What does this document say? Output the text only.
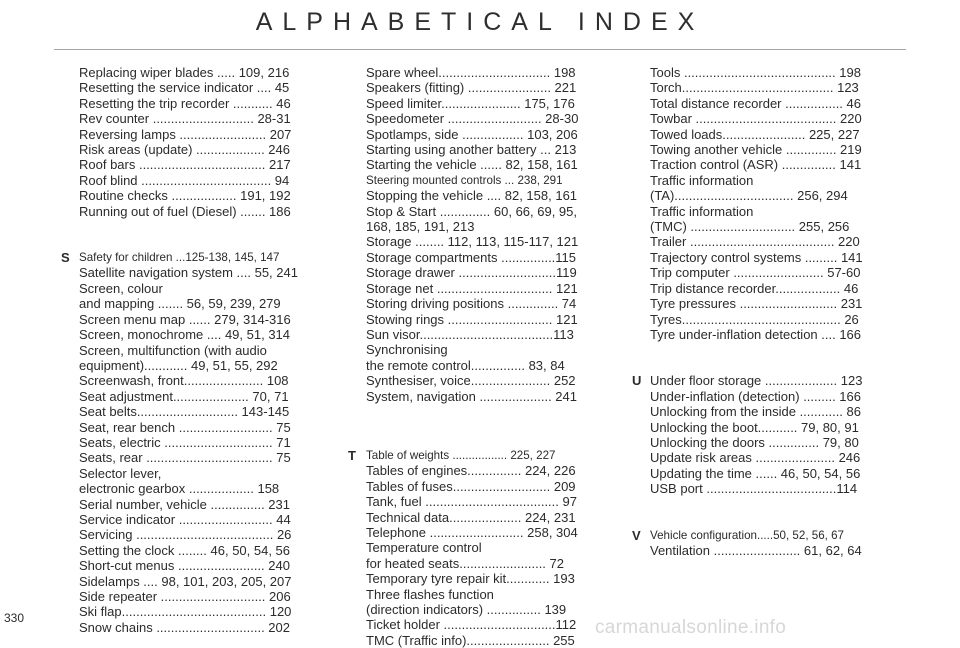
ALPHABETICAL INDEX
Replacing wiper blades ..... 109, 216
Resetting the service indicator .... 45
Resetting the trip recorder ........... 46
Rev counter ............................ 28-31
Reversing lamps ........................ 207
Risk areas (update) ................... 246
Roof bars ................................... 217
Roof blind .................................... 94
Routine checks .................. 191, 192
Running out of fuel (Diesel) ....... 186
S Safety for children ...125-138, 145, 147
Satellite navigation system .... 55, 241
Screen, colour
and mapping ....... 56, 59, 239, 279
Screen menu map ...... 279, 314-316
Screen, monochrome .... 49, 51, 314
Screen, multifunction (with audio
equipment)............ 49, 51, 55, 292
Screenwash, front...................... 108
Seat adjustment..................... 70, 71
Seat belts............................ 143-145
Seat, rear bench .......................... 75
Seats, electric .............................. 71
Seats, rear ................................... 75
Selector lever,
electronic gearbox .................. 158
Serial number, vehicle ............... 231
Service indicator .......................... 44
Servicing ...................................... 26
Setting the clock ........ 46, 50, 54, 56
Short-cut menus ........................ 240
Sidelamps .... 98, 101, 203, 205, 207
Side repeater ............................. 206
Ski flap........................................ 120
Snow chains .............................. 202
Spare wheel............................... 198
Speakers (fitting) ....................... 221
Speed limiter...................... 175, 176
Speedometer .......................... 28-30
Spotlamps, side ................. 103, 206
Starting using another battery ... 213
Starting the vehicle ...... 82, 158, 161
Steering mounted controls ... 238, 291
Stopping the vehicle .... 82, 158, 161
Stop & Start .............. 60, 66, 69, 95,
168, 185, 191, 213
Storage ........ 112, 113, 115-117, 121
Storage compartments ...............115
Storage drawer ...........................119
Storage net ................................ 121
Storing driving positions .............. 74
Stowing rings ............................. 121
Sun visor.....................................113
Synchronising
the remote control............... 83, 84
Synthesiser, voice...................... 252
System, navigation .................... 241
T Table of weights ................. 225, 227
Tables of engines............... 224, 226
Tables of fuses........................... 209
Tank, fuel ..................................... 97
Technical data.................... 224, 231
Telephone .......................... 258, 304
Temperature control
for heated seats........................ 72
Temporary tyre repair kit............ 193
Three flashes function
(direction indicators) ............... 139
Ticket holder ...............................112
TMC (Traffic info)....................... 255
Tools .......................................... 198
Torch.......................................... 123
Total distance recorder ................ 46
Towbar ....................................... 220
Towed loads....................... 225, 227
Towing another vehicle .............. 219
Traction control (ASR) ............... 141
Traffic information
(TA)................................. 256, 294
Traffic information
(TMC) ............................. 255, 256
Trailer ........................................ 220
Trajectory control systems ......... 141
Trip computer ......................... 57-60
Trip distance recorder.................. 46
Tyre pressures ........................... 231
Tyres............................................ 26
Tyre under-inflation detection .... 166
U Under floor storage .................... 123
Under-inflation (detection) ......... 166
Unlocking from the inside ............ 86
Unlocking the boot........... 79, 80, 91
Unlocking the doors .............. 79, 80
Update risk areas ...................... 246
Updating the time ...... 46, 50, 54, 56
USB port ....................................114
V Vehicle configuration.....50, 52, 56, 67
Ventilation ........................ 61, 62, 64
330	carmanualsonline.info
